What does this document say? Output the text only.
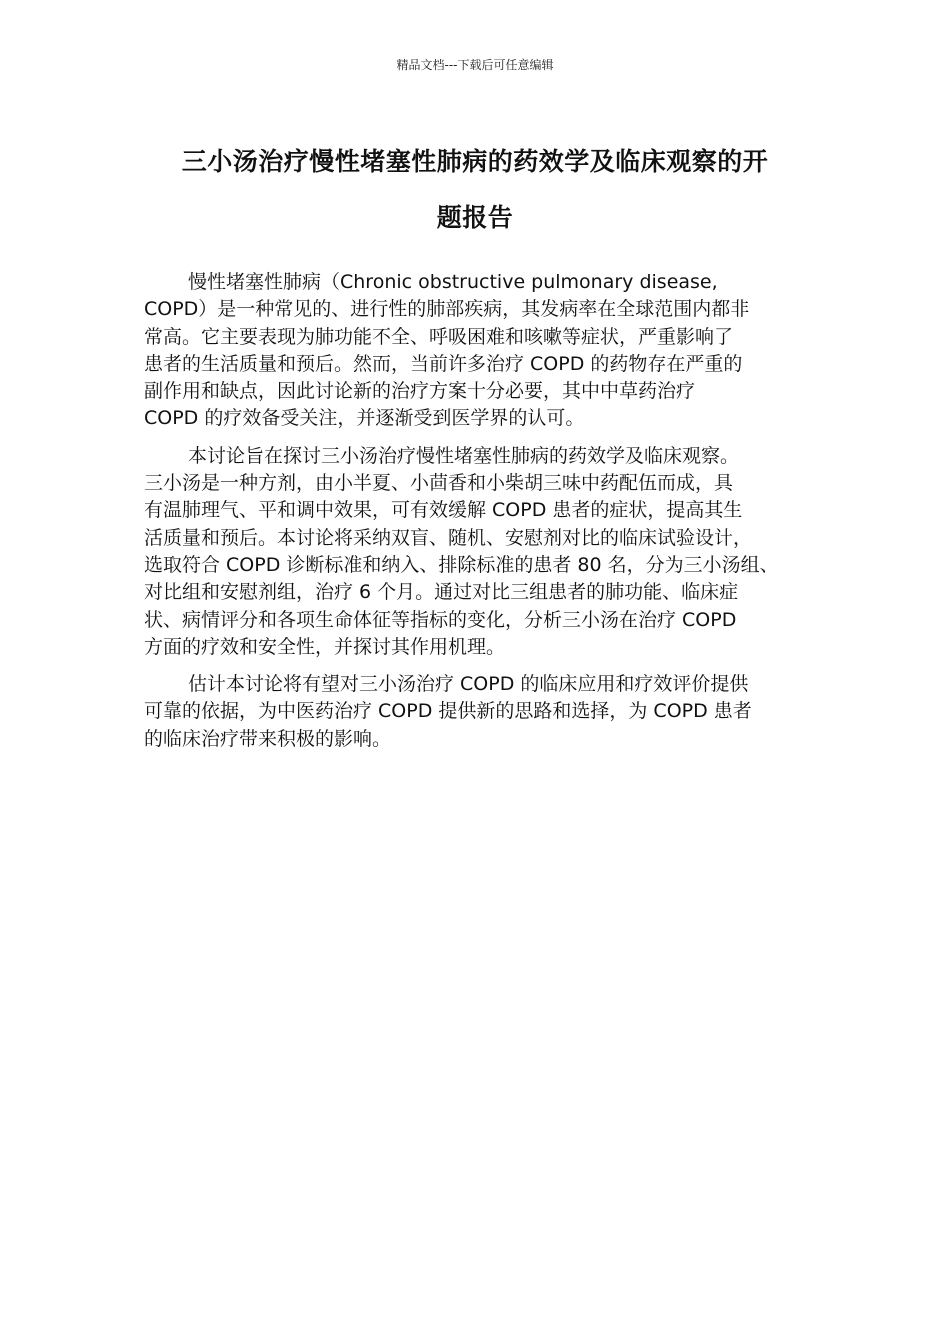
精品文档---下载后可任意编辑
三小汤治疗慢性堵塞性肺病的药效学及临床观察的开
题报告

慢性堵塞性肺病（Chronic obstructive pulmonary disease,
COPD）是一种常见的、进行性的肺部疾病，其发病率在全球范围内都非
常高。它主要表现为肺功能不全、呼吸困难和咳嗽等症状，严重影响了
患者的生活质量和预后。然而，当前许多治疗 COPD 的药物存在严重的
副作用和缺点，因此讨论新的治疗方案十分必要，其中中草药治疗
COPD 的疗效备受关注，并逐渐受到医学界的认可。

本讨论旨在探讨三小汤治疗慢性堵塞性肺病的药效学及临床观察。
三小汤是一种方剂，由小半夏、小茴香和小柴胡三味中药配伍而成，具
有温肺理气、平和调中效果，可有效缓解 COPD 患者的症状，提高其生
活质量和预后。本讨论将采纳双盲、随机、安慰剂对比的临床试验设计，
选取符合 COPD 诊断标准和纳入、排除标准的患者 80 名，分为三小汤组、
对比组和安慰剂组，治疗 6 个月。通过对比三组患者的肺功能、临床症
状、病情评分和各项生命体征等指标的变化，分析三小汤在治疗 COPD
方面的疗效和安全性，并探讨其作用机理。

估计本讨论将有望对三小汤治疗 COPD 的临床应用和疗效评价提供
可靠的依据，为中医药治疗 COPD 提供新的思路和选择，为 COPD 患者
的临床治疗带来积极的影响。
